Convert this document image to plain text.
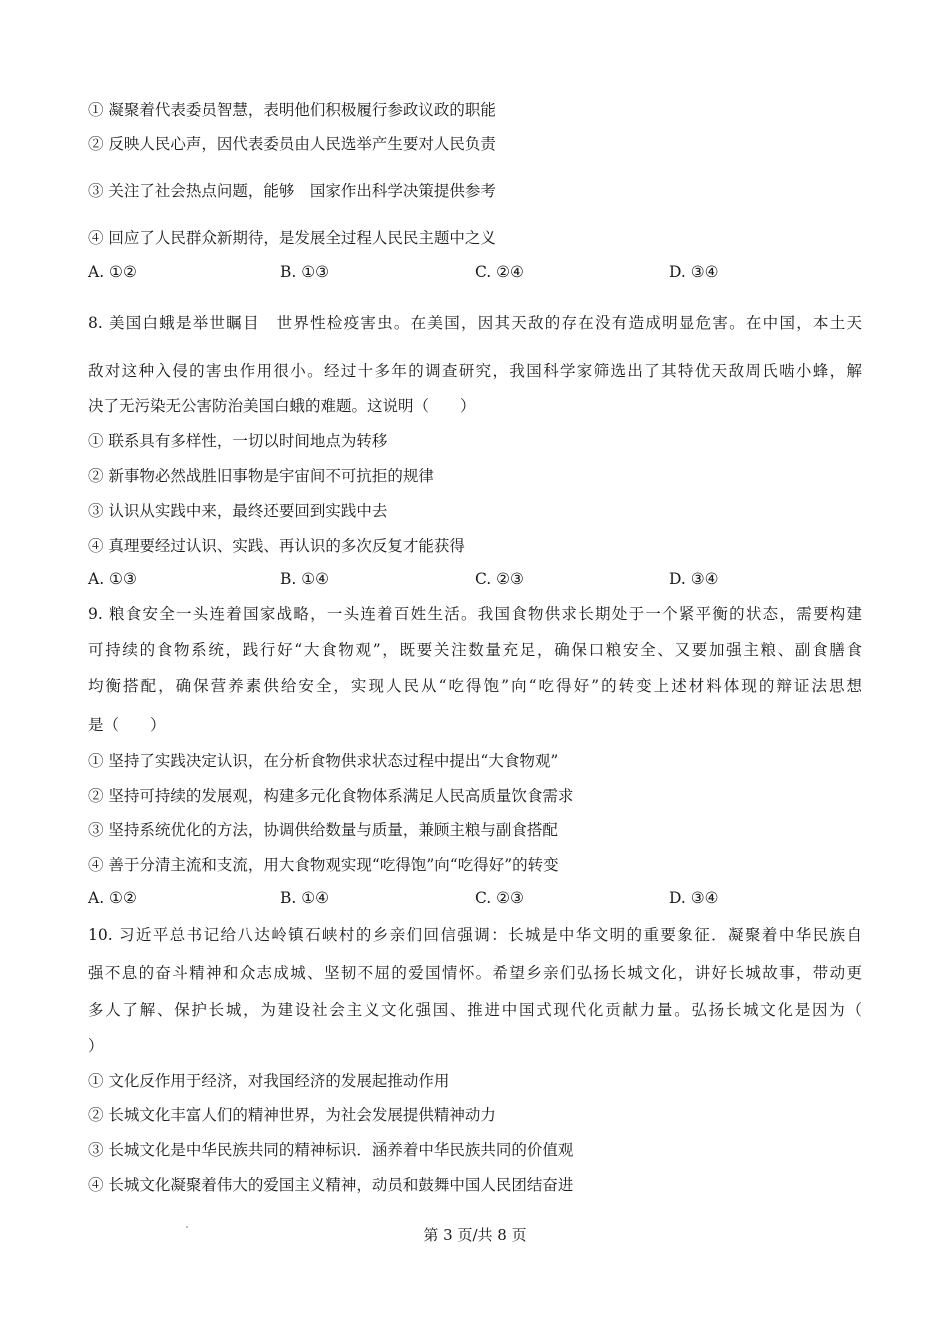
① 凝聚着代表委员智慧，表明他们积极履行参政议政的职能
② 反映人民心声，因代表委员由人民选举产生要对人民负责
③ 关注了社会热点问题，能够　国家作出科学决策提供参考
④ 回应了人民群众新期待，是发展全过程人民民主题中之义
A. ①②	B. ①③	C. ②④	D. ③④
8. 美国白蛾是举世瞩目　世界性检疫害虫。在美国，因其天敌的存在没有造成明显危害。在中国，本土天
敌对这种入侵的害虫作用很小。经过十多年的调查研究，我国科学家筛选出了其特优天敌周氏啮小蜂，解
决了无污染无公害防治美国白蛾的难题。这说明（　　）
① 联系具有多样性，一切以时间地点为转移
② 新事物必然战胜旧事物是宇宙间不可抗拒的规律
③ 认识从实践中来，最终还要回到实践中去
④ 真理要经过认识、实践、再认识的多次反复才能获得
A. ①③	B. ①④	C. ②③	D. ③④
9. 粮食安全一头连着国家战略，一头连着百姓生活。我国食物供求长期处于一个紧平衡的状态，需要构建
可持续的食物系统，践行好“大食物观”，既要关注数量充足，确保口粮安全、又要加强主粮、副食膳食
均衡搭配，确保营养素供给安全，实现人民从“吃得饱”向“吃得好”的转变上述材料体现的辩证法思想
是（　　）
① 坚持了实践决定认识，在分析食物供求状态过程中提出“大食物观”
② 坚持可持续的发展观，构建多元化食物体系满足人民高质量饮食需求
③ 坚持系统优化的方法，协调供给数量与质量，兼顾主粮与副食搭配
④ 善于分清主流和支流，用大食物观实现“吃得饱”向“吃得好”的转变
A. ①②	B. ①④	C. ②③	D. ③④
10. 习近平总书记给八达岭镇石峡村的乡亲们回信强调：长城是中华文明的重要象征．凝聚着中华民族自
强不息的奋斗精神和众志成城、坚韧不屈的爱国情怀。希望乡亲们弘扬长城文化，讲好长城故事，带动更
多人了解、保护长城，为建设社会主义文化强国、推进中国式现代化贡献力量。弘扬长城文化是因为（
）
① 文化反作用于经济，对我国经济的发展起推动作用
② 长城文化丰富人们的精神世界，为社会发展提供精神动力
③ 长城文化是中华民族共同的精神标识．涵养着中华民族共同的价值观
④ 长城文化凝聚着伟大的爱国主义精神，动员和鼓舞中国人民团结奋进
第 3 页/共 8 页
